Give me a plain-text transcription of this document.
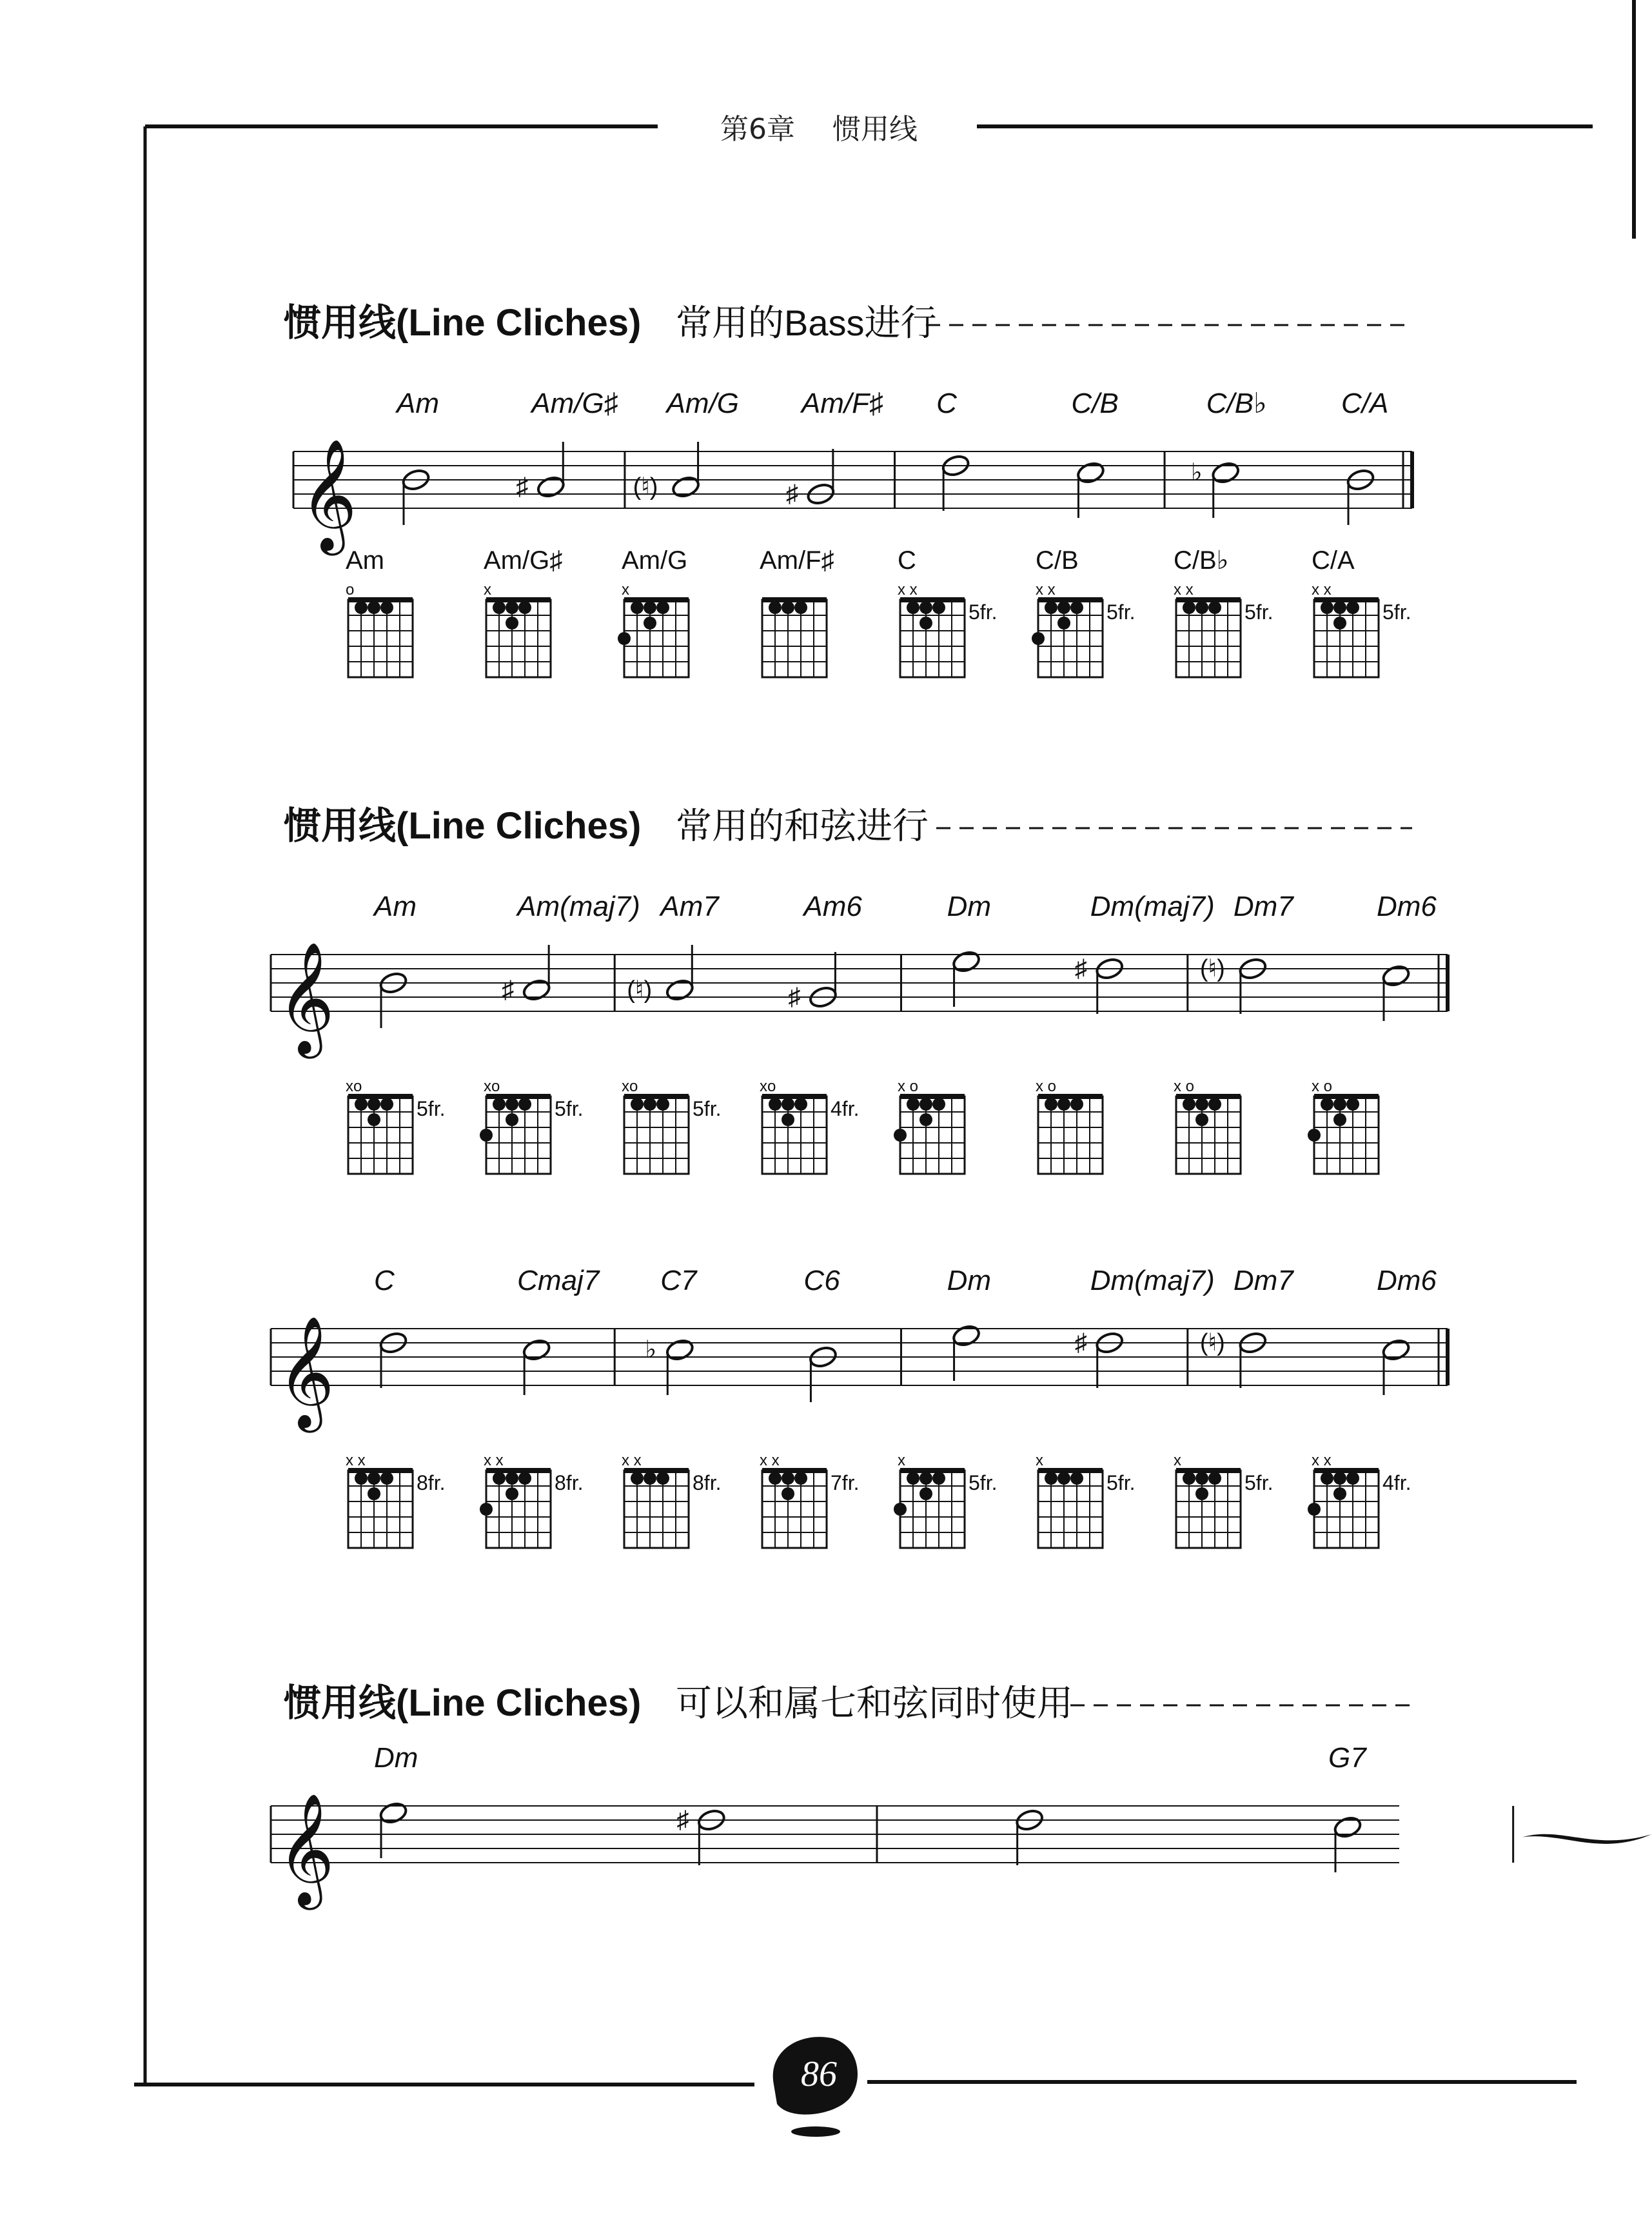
第6章 惯用线
86
惯用线(Line Cliches) 常用的Bass进行
𝄞
Am	Am/G♯ Am/G Am/F♯ C	C/B	C/B♭	C/A
♯	(♮)	♯
♭
Am
o
Am/G♯
x
Am/G
x
Am/F♯ C
x x
5fr.
C/B
x x
5fr.
C/B♭
x x
5fr.
C/A
x x
5fr.
惯用线(Line Cliches) 常用的和弦进行
𝄞
Am	Am(maj7) Am7	Am6	Dm	Dm(maj7) Dm7	Dm6
♯	(♮)	♯
♯	(♮)
xo
5fr.
xo
5fr.
xo
5fr.
xo
4fr.
x o	x o	x o	x o
𝄞
C	Cmaj7 C7	C6	Dm	Dm(maj7) Dm7	Dm6
♭	♯	(♮)
x x
8fr.
x x
8fr.
x x
8fr.
x x
7fr.
x
5fr.
x
5fr.
x
5fr.
x x
4fr.
惯用线(Line Cliches) 可以和属七和弦同时使用
𝄞
Dm	G7
♯
